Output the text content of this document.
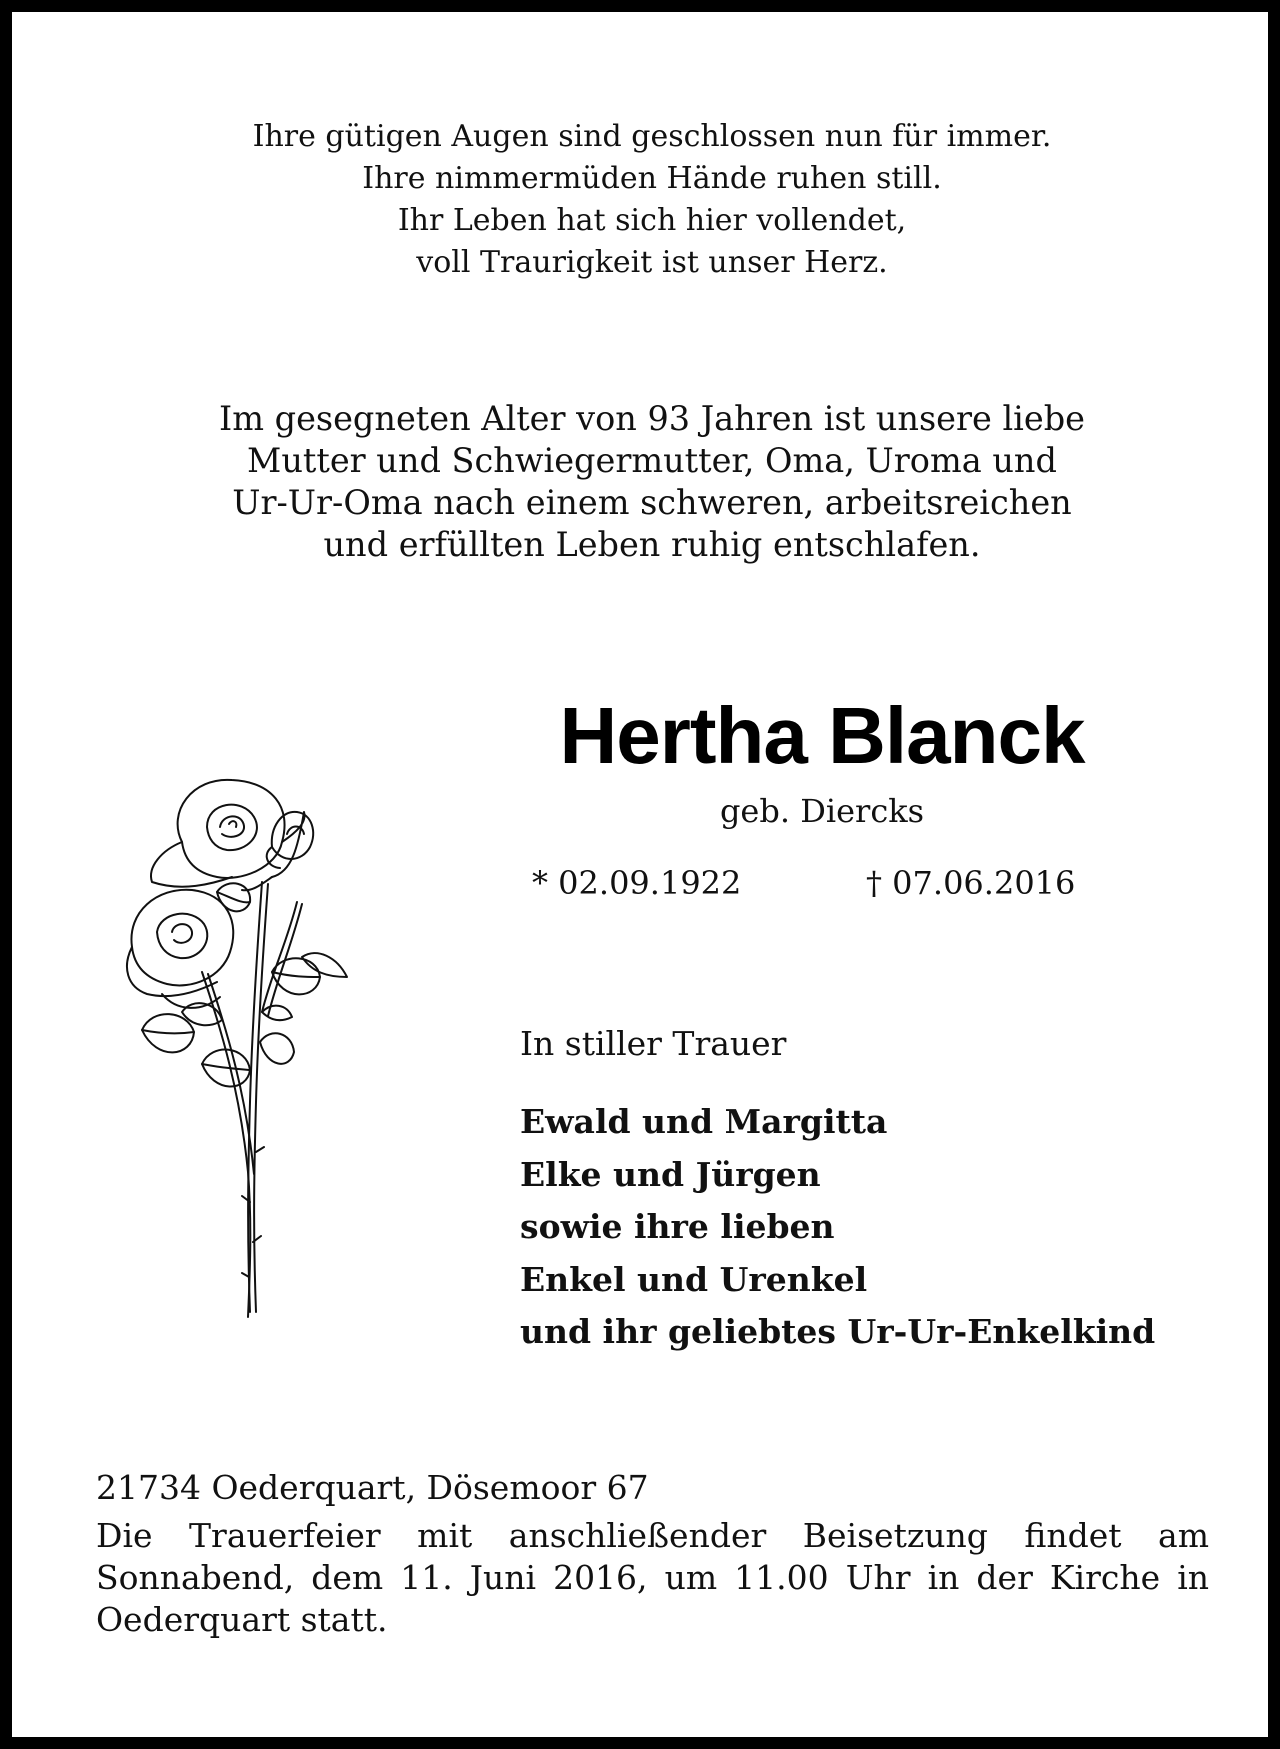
Ihre gütigen Augen sind geschlossen nun für immer.
Ihre nimmermüden Hände ruhen still.
Ihr Leben hat sich hier vollendet,
voll Traurigkeit ist unser Herz.
Im gesegneten Alter von 93 Jahren ist unsere liebe
Mutter und Schwiegermutter, Oma, Uroma und
Ur-Ur-Oma nach einem schweren, arbeitsreichen
und erfüllten Leben ruhig entschlafen.
Hertha Blanck
geb. Diercks
* 02.09.1922	† 07.06.2016
In stiller Trauer
Ewald und Margitta
Elke und Jürgen
sowie ihre lieben
Enkel und Urenkel
und ihr geliebtes Ur-Ur-Enkelkind
21734 Oederquart, Dösemoor 67
Die Trauerfeier mit anschließender Beisetzung findet am Sonnabend, dem 11. Juni 2016, um 11.00 Uhr in der Kirche in Oederquart statt.
